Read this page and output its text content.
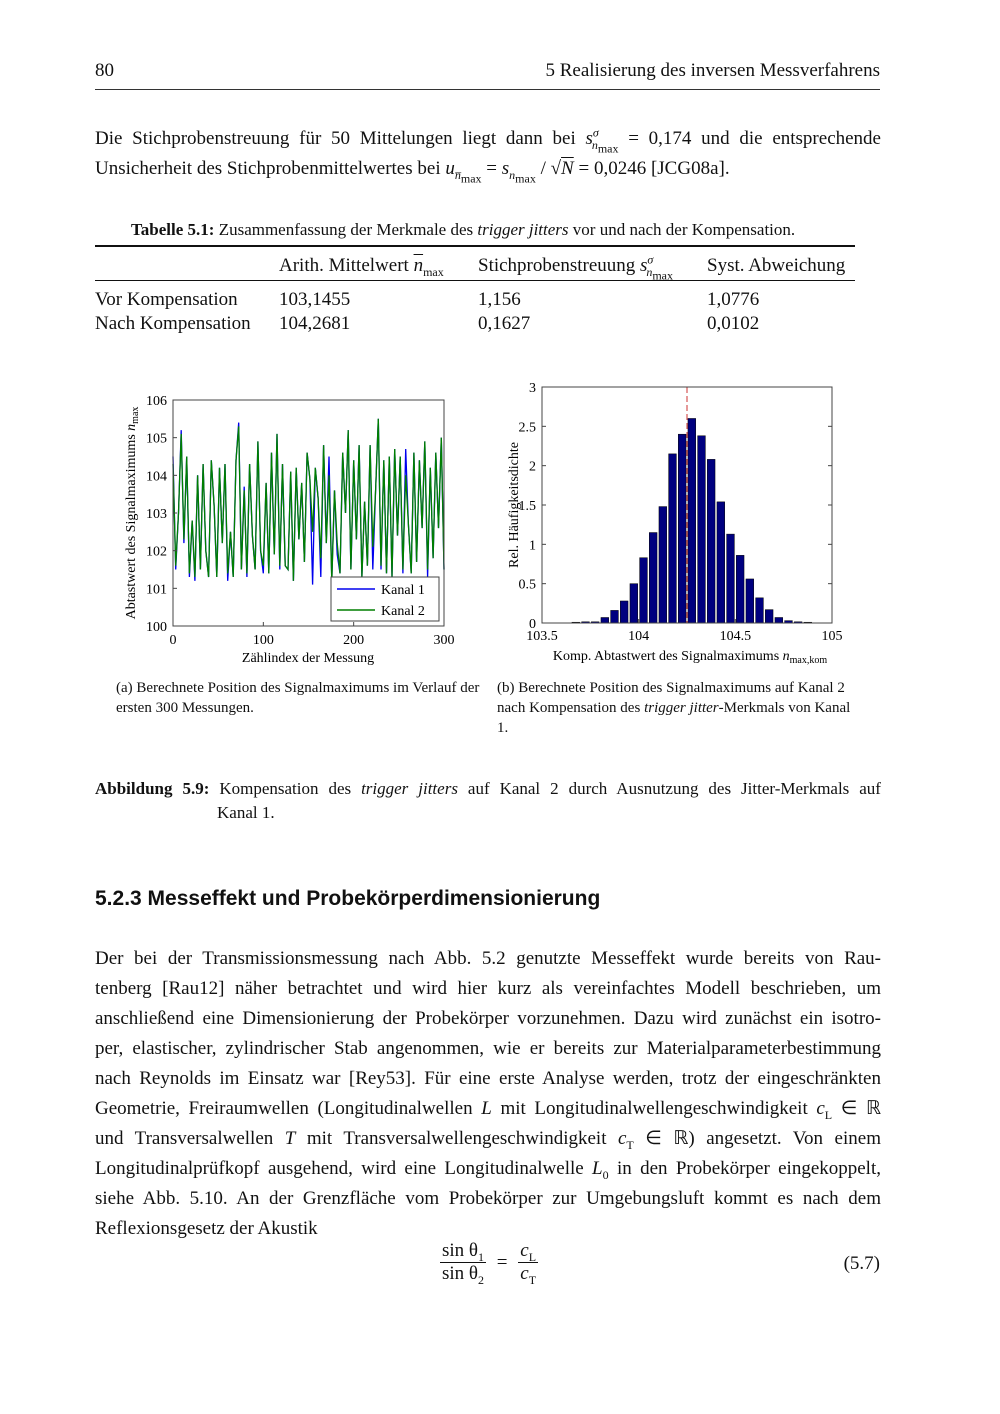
80	5 Realisierung des inversen Messverfahrens
Die Stichprobenstreuung für 50 Mittelungen liegt dann bei $s^\sigma_{n_{max}} = 0,174$ und die entsprechende
Unsicherheit des Stichprobenmittelwertes bei $u_{n̅_{max}} = s_{n_{max}} / √N = 0,0246$ [JCG08a].
Tabelle 5.1: Zusammenfassung der Merkmale des trigger jitters vor und nach der Kompensation.
	Arith. Mittelwert $\overline{n}_{max}$	Stichprobenstreuung $s^\sigma_{n_{max}}$	Syst. Abweichung

Vor Kompensation	103,1455	1,156	1,0776
Nach Kompensation	104,2681	0,1627	0,0102
0	100	200	300
100
101
102
103
104
105
106
Zählindex der Messung
Abtastwert des Signalmaximums $n_{max}$
Kanal 1
Kanal 2
103.5	104	104.5	105
0
0.5
1
1.5
2
2.5
3
Rel. Häufigkeitsdichte
Komp. Abtastwert des Signalmaximums $n_{max,kom}$
(a) Berechnete Position des Signalmaximums im Verlauf der ersten 300 Messungen.
(b) Berechnete Position des Signalmaximums auf Kanal 2 nach Kompensation des trigger jitter-Merkmals von Kanal 1.
Abbildung 5.9: Kompensation des trigger jitters auf Kanal 2 durch Ausnutzung des Jitter-Merkmals auf
Kanal 1.
5.2.3 Messeffekt und Probekörperdimensionierung
Der bei der Transmissionsmessung nach Abb. 5.2 genutzte Messeffekt wurde bereits von Rau-
tenberg [Rau12] näher betrachtet und wird hier kurz als vereinfachtes Modell beschrieben, um
anschließend eine Dimensionierung der Probekörper vorzunehmen. Dazu wird zunächst ein isotro-
per, elastischer, zylindrischer Stab angenommen, wie er bereits zur Materialparameterbestimmung
nach Reynolds im Einsatz war [Rey53]. Für eine erste Analyse werden, trotz der eingeschränkten
Geometrie, Freiraumwellen (Longitudinalwellen L mit Longitudinalwellengeschwindigkeit $c_L$ ∈ ℝ
und Transversalwellen T mit Transversalwellengeschwindigkeit $c_T$ ∈ ℝ) angesetzt. Von einem
Longitudinalprüfkopf ausgehend, wird eine Longitudinalwelle $L_0$ in den Probekörper eingekoppelt,
siehe Abb. 5.10. An der Grenzfläche vom Probekörper zur Umgebungsluft kommt es nach dem
Reflexionsgesetz der Akustik
$\frac{\sin \theta_1}{\sin \theta_2} = \frac{c_L}{c_T}$	(5.7)
